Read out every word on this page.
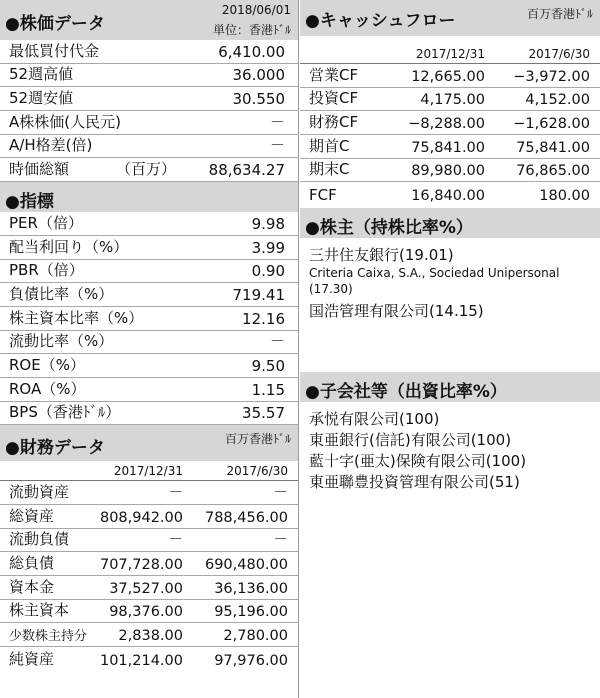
●株価データ
2018/06/01
単位：香港ﾄﾞﾙ
最低買付代金	6,410.00
52週高値	36.000
52週安値	30.550
A株株価(人民元)	－
A/H格差(倍)	－
時価総額	（百万） 88,634.27
●指標
PER（倍）	9.98
配当利回り（%）	3.99
PBR（倍）	0.90
負債比率（%）	719.41
株主資本比率（%）	12.16
流動比率（%）	－
ROE（%）	9.50
ROA（%）	1.15
BPS（香港ﾄﾞﾙ）	35.57
●財務データ	百万香港ﾄﾞﾙ
2017/12/31	2017/6/30
流動資産	－	－
総資産	808,942.00 788,456.00
流動負債	－	－
総負債	707,728.00 690,480.00
資本金	37,527.00 36,136.00
株主資本	98,376.00 95,196.00
少数株主持分 2,838.00	2,780.00
純資産	101,214.00 97,976.00
●キャッシュフロー	百万香港ﾄﾞﾙ
2017/12/31	2017/6/30
営業CF	12,665.00 −3,972.00
投資CF	4,175.00	4,152.00
財務CF	−8,288.00 −1,628.00
期首C	75,841.00 75,841.00
期末C	89,980.00 76,865.00
FCF	16,840.00	180.00
●株主（持株比率%）
三井住友銀行(19.01)
Criteria Caixa, S.A., Sociedad Unipersonal
(17.30)
国浩管理有限公司(14.15)
●子会社等（出資比率%）
承悦有限公司(100)
東亜銀行(信託)有限公司(100)
藍十字(亜太)保険有限公司(100)
東亜聯豊投資管理有限公司(51)
